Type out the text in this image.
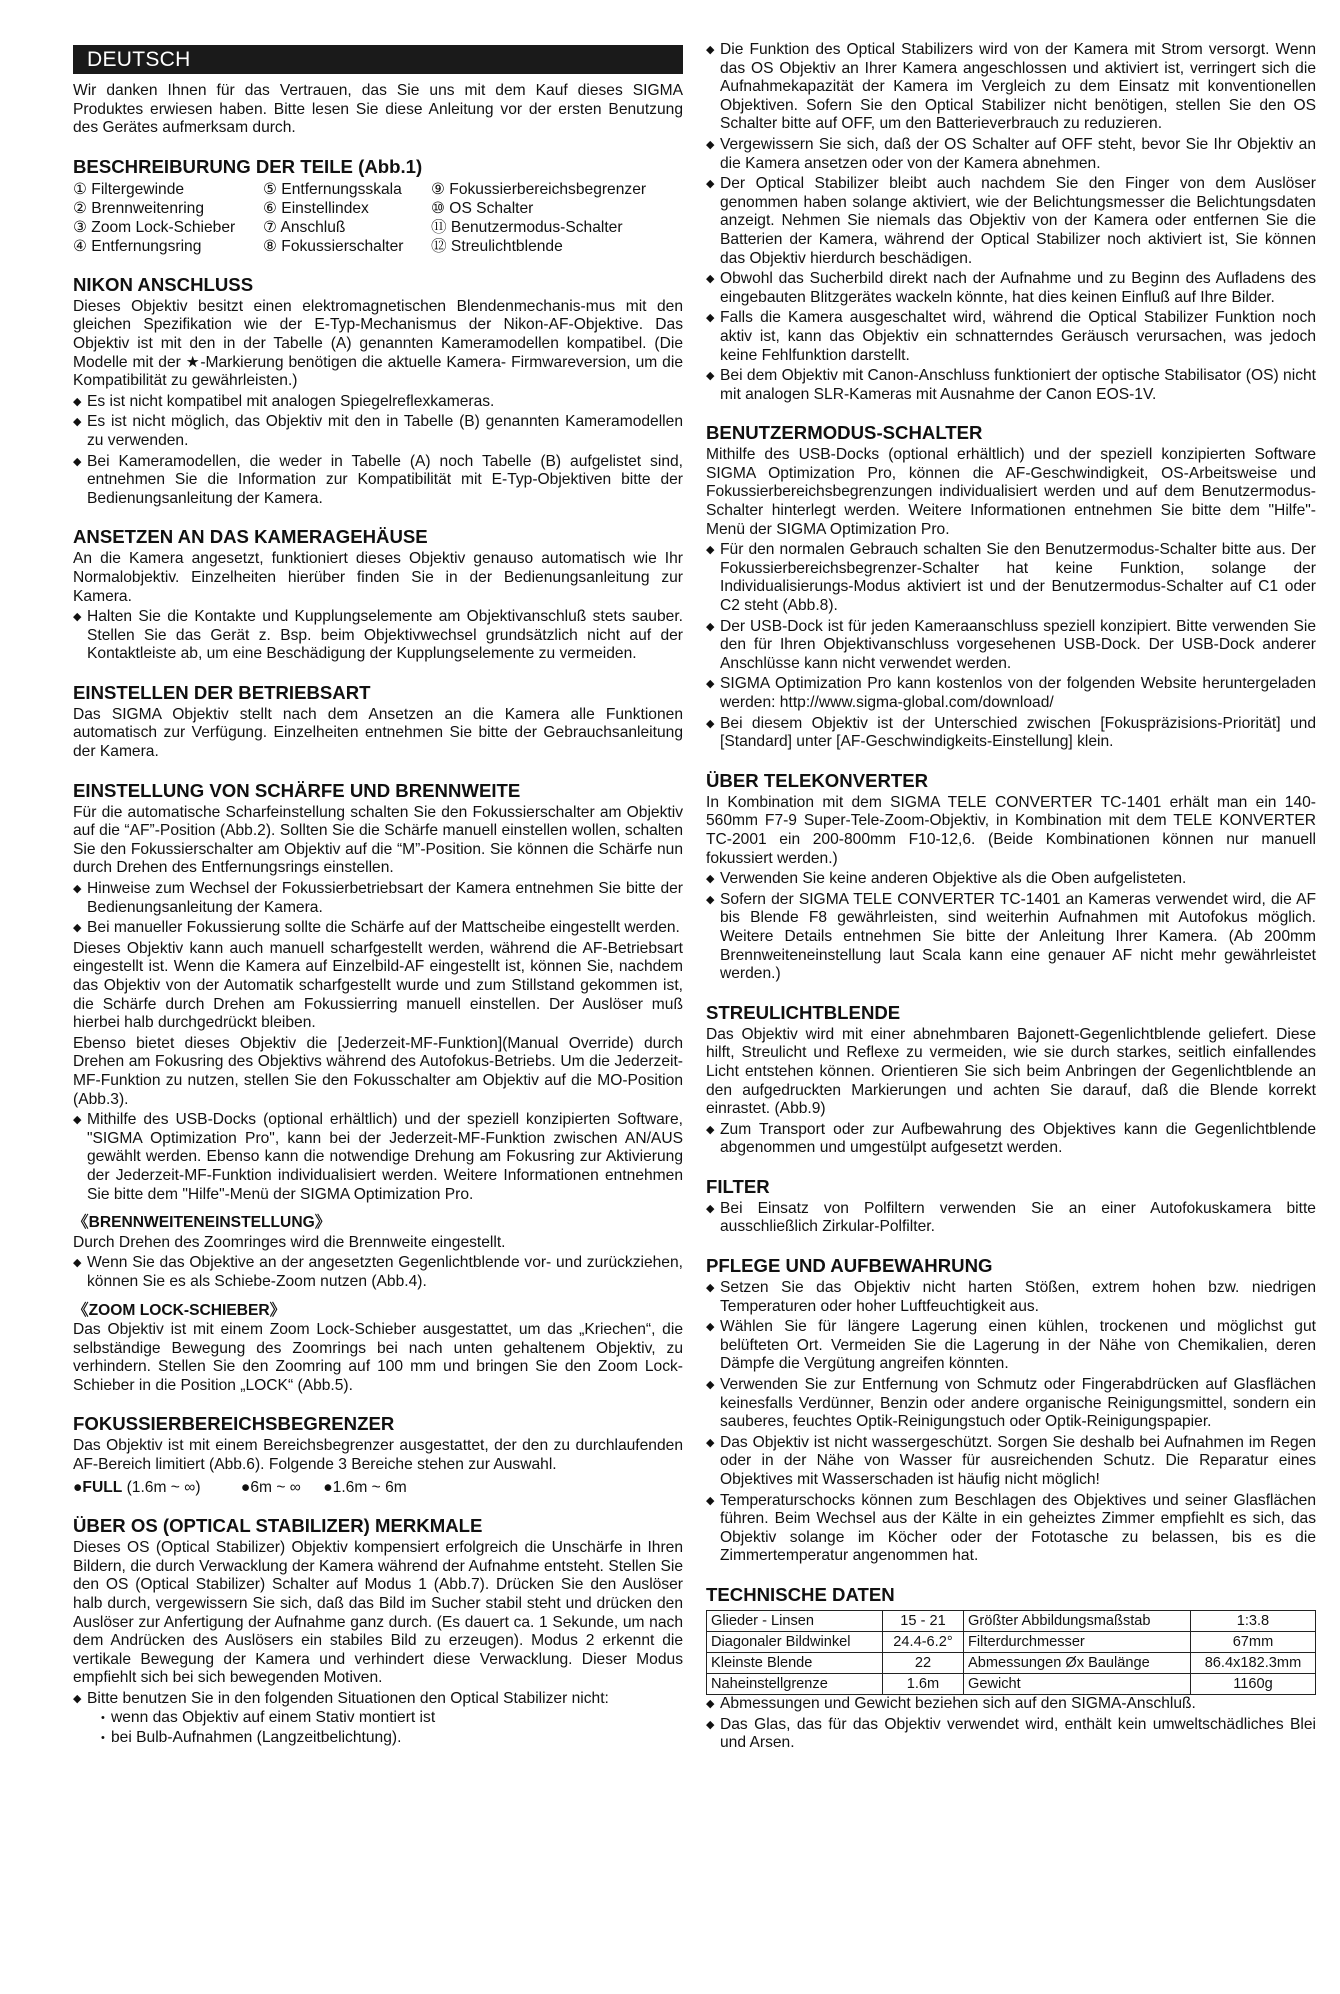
DEUTSCH

Wir danken Ihnen für das Vertrauen, das Sie uns mit dem Kauf dieses SIGMA Produktes erwiesen haben. Bitte lesen Sie diese Anleitung vor der ersten Benutzung des Gerätes aufmerksam durch.

BESCHREIBURUNG DER TEILE (Abb.1)
① Filtergewinde	⑤ Entfernungsskala	⑨ Fokussierbereichsbegrenzer
② Brennweitenring	⑥ Einstellindex	⑩ OS Schalter
③ Zoom Lock-Schieber	⑦ Anschluß	⑪ Benutzermodus-Schalter
④ Entfernungsring	⑧ Fokussierschalter	⑫ Streulichtblende
NIKON ANSCHLUSS

Dieses Objektiv besitzt einen elektromagnetischen Blendenmechanis-mus mit den gleichen Spezifikation wie der E-Typ-Mechanismus der Nikon-AF-Objektive. Das Objektiv ist mit den in der Tabelle (A) genannten Kameramodellen kompatibel. (Die Modelle mit der ★-Markierung benötigen die aktuelle Kamera- Firmwareversion, um die Kompatibilität zu gewährleisten.)

◆ Es ist nicht kompatibel mit analogen Spiegelreflexkameras.
◆ Es ist nicht möglich, das Objektiv mit den in Tabelle (B) genannten Kameramodellen zu verwenden.
◆ Bei Kameramodellen, die weder in Tabelle (A) noch Tabelle (B) aufgelistet sind, entnehmen Sie die Information zur Kompatibilität mit E-Typ-Objektiven bitte der Bedienungsanleitung der Kamera.
ANSETZEN AN DAS KAMERAGEHÄUSE

An die Kamera angesetzt, funktioniert dieses Objektiv genauso automatisch wie Ihr Normalobjektiv. Einzelheiten hierüber finden Sie in der Bedienungsanleitung zur Kamera.

◆ Halten Sie die Kontakte und Kupplungselemente am Objektivanschluß stets sauber. Stellen Sie das Gerät z. Bsp. beim Objektivwechsel grundsätzlich nicht auf der Kontaktleiste ab, um eine Beschädigung der Kupplungselemente zu vermeiden.
EINSTELLEN DER BETRIEBSART

Das SIGMA Objektiv stellt nach dem Ansetzen an die Kamera alle Funktionen automatisch zur Verfügung. Einzelheiten entnehmen Sie bitte der Gebrauchsanleitung der Kamera.

EINSTELLUNG VON SCHÄRFE UND BRENNWEITE

Für die automatische Scharfeinstellung schalten Sie den Fokussierschalter am Objektiv auf die “AF”-Position (Abb.2). Sollten Sie die Schärfe manuell einstellen wollen, schalten Sie den Fokussierschalter am Objektiv auf die “M”-Position. Sie können die Schärfe nun durch Drehen des Entfernungsrings einstellen.

◆ Hinweise zum Wechsel der Fokussierbetriebsart der Kamera entnehmen Sie bitte der Bedienungsanleitung der Kamera.
◆ Bei manueller Fokussierung sollte die Schärfe auf der Mattscheibe eingestellt werden.

Dieses Objektiv kann auch manuell scharfgestellt werden, während die AF-Betriebsart eingestellt ist. Wenn die Kamera auf Einzelbild-AF eingestellt ist, können Sie, nachdem das Objektiv von der Automatik scharfgestellt wurde und zum Stillstand gekommen ist, die Schärfe durch Drehen am Fokussierring manuell einstellen. Der Auslöser muß hierbei halb durchgedrückt bleiben.

Ebenso bietet dieses Objektiv die [Jederzeit-MF-Funktion](Manual Override) durch Drehen am Fokusring des Objektivs während des Autofokus-Betriebs. Um die Jederzeit-MF-Funktion zu nutzen, stellen Sie den Fokusschalter am Objektiv auf die MO-Position (Abb.3).

◆ Mithilfe des USB-Docks (optional erhältlich) und der speziell konzipierten Software, "SIGMA Optimization Pro", kann bei der Jederzeit-MF-Funktion zwischen AN/AUS gewählt werden. Ebenso kann die notwendige Drehung am Fokusring zur Aktivierung der Jederzeit-MF-Funktion individualisiert werden. Weitere Informationen entnehmen Sie bitte dem "Hilfe"-Menü der SIGMA Optimization Pro.
《BRENNWEITENEINSTELLUNG》

Durch Drehen des Zoomringes wird die Brennweite eingestellt.

◆ Wenn Sie das Objektive an der angesetzten Gegenlichtblende vor- und zurückziehen, können Sie es als Schiebe-Zoom nutzen (Abb.4).
《ZOOM LOCK-SCHIEBER》

Das Objektiv ist mit einem Zoom Lock-Schieber ausgestattet, um das „Kriechen“, die selbständige Bewegung des Zoomrings bei nach unten gehaltenem Objektiv, zu verhindern. Stellen Sie den Zoomring auf 100 mm und bringen Sie den Zoom Lock-Schieber in die Position „LOCK“ (Abb.5).

FOKUSSIERBEREICHSBEGRENZER

Das Objektiv ist mit einem Bereichsbegrenzer ausgestattet, der den zu durchlaufenden AF-Bereich limitiert (Abb.6). Folgende 3 Bereiche stehen zur Auswahl.

●FULL (1.6m ~ ∞)	●6m ~ ∞ ●1.6m ~ 6m
ÜBER OS (OPTICAL STABILIZER) MERKMALE

Dieses OS (Optical Stabilizer) Objektiv kompensiert erfolgreich die Unschärfe in Ihren Bildern, die durch Verwacklung der Kamera während der Aufnahme entsteht. Stellen Sie den OS (Optical Stabilizer) Schalter auf Modus 1 (Abb.7). Drücken Sie den Auslöser halb durch, vergewissern Sie sich, daß das Bild im Sucher stabil steht und drücken den Auslöser zur Anfertigung der Aufnahme ganz durch. (Es dauert ca. 1 Sekunde, um nach dem Andrücken des Auslösers ein stabiles Bild zu erzeugen). Modus 2 erkennt die vertikale Bewegung der Kamera und verhindert diese Verwacklung. Dieser Modus empfiehlt sich bei sich bewegenden Motiven.

◆ Bitte benutzen Sie in den folgenden Situationen den Optical Stabilizer nicht:
• wenn das Objektiv auf einem Stativ montiert ist
• bei Bulb-Aufnahmen (Langzeitbelichtung).
◆ Die Funktion des Optical Stabilizers wird von der Kamera mit Strom versorgt. Wenn das OS Objektiv an Ihrer Kamera angeschlossen und aktiviert ist, verringert sich die Aufnahmekapazität der Kamera im Vergleich zu dem Einsatz mit konventionellen Objektiven. Sofern Sie den Optical Stabilizer nicht benötigen, stellen Sie den OS Schalter bitte auf OFF, um den Batterieverbrauch zu reduzieren.
◆ Vergewissern Sie sich, daß der OS Schalter auf OFF steht, bevor Sie Ihr Objektiv an die Kamera ansetzen oder von der Kamera abnehmen.
◆ Der Optical Stabilizer bleibt auch nachdem Sie den Finger von dem Auslöser genommen haben solange aktiviert, wie der Belichtungsmesser die Belichtungsdaten anzeigt. Nehmen Sie niemals das Objektiv von der Kamera oder entfernen Sie die Batterien der Kamera, während der Optical Stabilizer noch aktiviert ist, Sie können das Objektiv hierdurch beschädigen.
◆ Obwohl das Sucherbild direkt nach der Aufnahme und zu Beginn des Aufladens des eingebauten Blitzgerätes wackeln könnte, hat dies keinen Einfluß auf Ihre Bilder.
◆ Falls die Kamera ausgeschaltet wird, während die Optical Stabilizer Funktion noch aktiv ist, kann das Objektiv ein schnatterndes Geräusch verursachen, was jedoch keine Fehlfunktion darstellt.
◆ Bei dem Objektiv mit Canon-Anschluss funktioniert der optische Stabilisator (OS) nicht mit analogen SLR-Kameras mit Ausnahme der Canon EOS-1V.
BENUTZERMODUS-SCHALTER

Mithilfe des USB-Docks (optional erhältlich) und der speziell konzipierten Software SIGMA Optimization Pro, können die AF-Geschwindigkeit, OS-Arbeitsweise und Fokussierbereichsbegrenzungen individualisiert werden und auf dem Benutzermodus-Schalter hinterlegt werden. Weitere Informationen entnehmen Sie bitte dem "Hilfe"-Menü der SIGMA Optimization Pro.

◆ Für den normalen Gebrauch schalten Sie den Benutzermodus-Schalter bitte aus. Der Fokussierbereichsbegrenzer-Schalter hat keine Funktion, solange der Individualisierungs-Modus aktiviert ist und der Benutzermodus-Schalter auf C1 oder C2 steht (Abb.8).
◆ Der USB-Dock ist für jeden Kameraanschluss speziell konzipiert. Bitte verwenden Sie den für Ihren Objektivanschluss vorgesehenen USB-Dock. Der USB-Dock anderer Anschlüsse kann nicht verwendet werden.
◆ SIGMA Optimization Pro kann kostenlos von der folgenden Website heruntergeladen werden: http://www.sigma-global.com/download/
◆ Bei diesem Objektiv ist der Unterschied zwischen [Fokuspräzisions-Priorität] und [Standard] unter [AF-Geschwindigkeits-Einstellung] klein.
ÜBER TELEKONVERTER

In Kombination mit dem SIGMA TELE CONVERTER TC-1401 erhält man ein 140-560mm F7-9 Super-Tele-Zoom-Objektiv, in Kombination mit dem TELE KONVERTER TC-2001 ein 200-800mm F10-12,6. (Beide Kombinationen können nur manuell fokussiert werden.)

◆ Verwenden Sie keine anderen Objektive als die Oben aufgelisteten.
◆ Sofern der SIGMA TELE CONVERTER TC-1401 an Kameras verwendet wird, die AF bis Blende F8 gewährleisten, sind weiterhin Aufnahmen mit Autofokus möglich. Weitere Details entnehmen Sie bitte der Anleitung Ihrer Kamera. (Ab 200mm Brennweiteneinstellung laut Scala kann eine genauer AF nicht mehr gewährleistet werden.)
STREULICHTBLENDE

Das Objektiv wird mit einer abnehmbaren Bajonett-Gegenlichtblende geliefert. Diese hilft, Streulicht und Reflexe zu vermeiden, wie sie durch starkes, seitlich einfallendes Licht entstehen können. Orientieren Sie sich beim Anbringen der Gegenlichtblende an den aufgedruckten Markierungen und achten Sie darauf, daß die Blende korrekt einrastet. (Abb.9)

◆ Zum Transport oder zur Aufbewahrung des Objektives kann die Gegenlichtblende abgenommen und umgestülpt aufgesetzt werden.
FILTER
◆ Bei Einsatz von Polfiltern verwenden Sie an einer Autofokuskamera bitte ausschließlich Zirkular-Polfilter.
PFLEGE UND AUFBEWAHRUNG
◆ Setzen Sie das Objektiv nicht harten Stößen, extrem hohen bzw. niedrigen Temperaturen oder hoher Luftfeuchtigkeit aus.
◆ Wählen Sie für längere Lagerung einen kühlen, trockenen und möglichst gut belüfteten Ort. Vermeiden Sie die Lagerung in der Nähe von Chemikalien, deren Dämpfe die Vergütung angreifen könnten.
◆ Verwenden Sie zur Entfernung von Schmutz oder Fingerabdrücken auf Glasflächen keinesfalls Verdünner, Benzin oder andere organische Reinigungsmittel, sondern ein sauberes, feuchtes Optik-Reinigungstuch oder Optik-Reinigungspapier.
◆ Das Objektiv ist nicht wassergeschützt. Sorgen Sie deshalb bei Aufnahmen im Regen oder in der Nähe von Wasser für ausreichenden Schutz. Die Reparatur eines Objektives mit Wasserschaden ist häufig nicht möglich!
◆ Temperaturschocks können zum Beschlagen des Objektives und seiner Glasflächen führen. Beim Wechsel aus der Kälte in ein geheiztes Zimmer empfiehlt es sich, das Objektiv solange im Köcher oder der Fototasche zu belassen, bis es die Zimmertemperatur angenommen hat.
TECHNISCHE DATEN
Glieder - Linsen	15 - 21	Größter Abbildungsmaßstab	1:3.8
Diagonaler Bildwinkel	24.4-6.2°	Filterdurchmesser	67mm
Kleinste Blende	22	Abmessungen Øx Baulänge	86.4x182.3mm
Naheinstellgrenze	1.6m	Gewicht	1160g
◆ Abmessungen und Gewicht beziehen sich auf den SIGMA-Anschluß.
◆ Das Glas, das für das Objektiv verwendet wird, enthält kein umweltschädliches Blei und Arsen.
